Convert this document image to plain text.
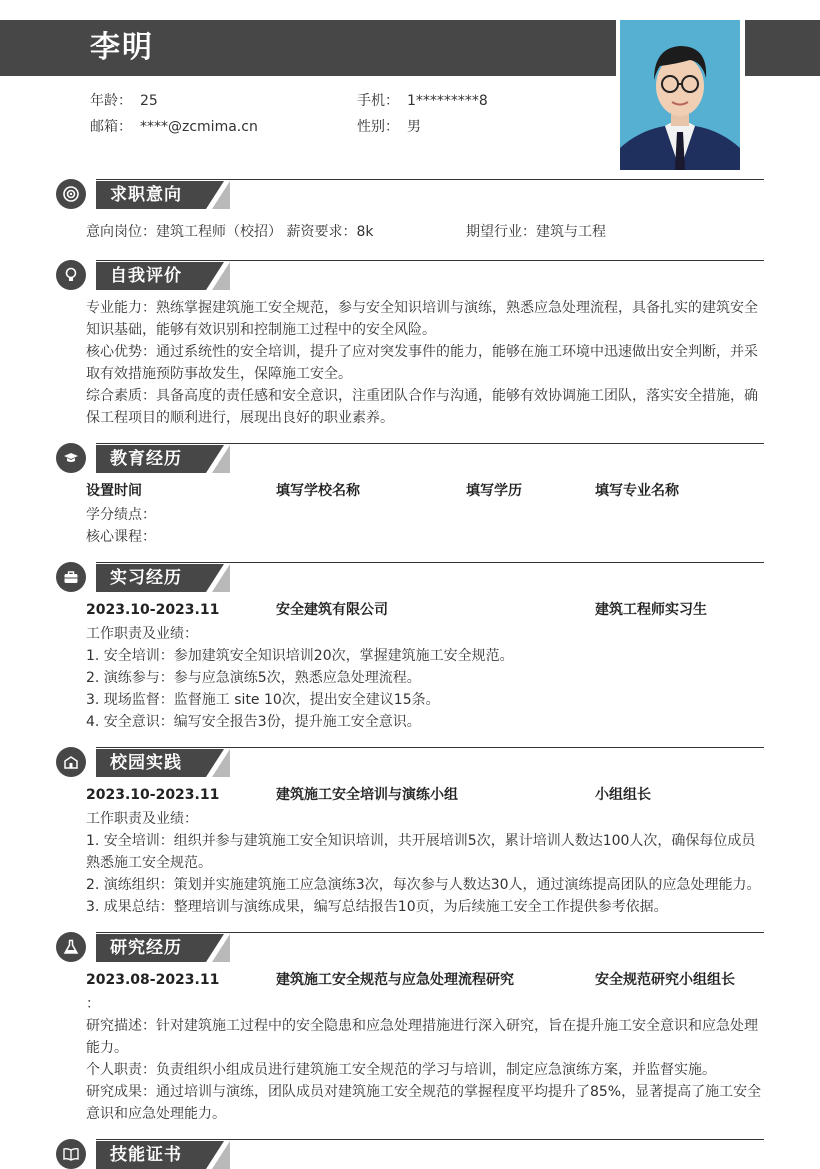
李明
年龄： 25	手机： 1*********8
邮箱： ****@zcmima.cn	性别： 男
求职意向
意向岗位：建筑工程师（校招） 薪资要求：8k	期望行业：建筑与工程
自我评价
专业能力：熟练掌握建筑施工安全规范，参与安全知识培训与演练，熟悉应急处理流程，具备扎实的建筑安全知识基础，能够有效识别和控制施工过程中的安全风险。
核心优势：通过系统性的安全培训，提升了应对突发事件的能力，能够在施工环境中迅速做出安全判断，并采取有效措施预防事故发生，保障施工安全。
综合素质：具备高度的责任感和安全意识，注重团队合作与沟通，能够有效协调施工团队，落实安全措施，确保工程项目的顺利进行，展现出良好的职业素养。
教育经历
设置时间	填写学校名称	填写学历	填写专业名称
学分绩点：
核心课程：
实习经历
2023.10-2023.11	安全建筑有限公司	建筑工程师实习生
工作职责及业绩：
1. 安全培训：参加建筑安全知识培训20次，掌握建筑施工安全规范。
2. 演练参与：参与应急演练5次，熟悉应急处理流程。
3. 现场监督：监督施工 site 10次，提出安全建议15条。
4. 安全意识：编写安全报告3份，提升施工安全意识。
校园实践
2023.10-2023.11	建筑施工安全培训与演练小组	小组组长
工作职责及业绩：
1. 安全培训：组织并参与建筑施工安全知识培训，共开展培训5次，累计培训人数达100人次，确保每位成员熟悉施工安全规范。
2. 演练组织：策划并实施建筑施工应急演练3次，每次参与人数达30人，通过演练提高团队的应急处理能力。
3. 成果总结：整理培训与演练成果，编写总结报告10页，为后续施工安全工作提供参考依据。
研究经历
2023.08-2023.11	建筑施工安全规范与应急处理流程研究	安全规范研究小组组长
：
研究描述：针对建筑施工过程中的安全隐患和应急处理措施进行深入研究，旨在提升施工安全意识和应急处理能力。
个人职责：负责组织小组成员进行建筑施工安全规范的学习与培训，制定应急演练方案，并监督实施。
研究成果：通过培训与演练，团队成员对建筑施工安全规范的掌握程度平均提升了85%，显著提高了施工安全意识和应急处理能力。
技能证书
